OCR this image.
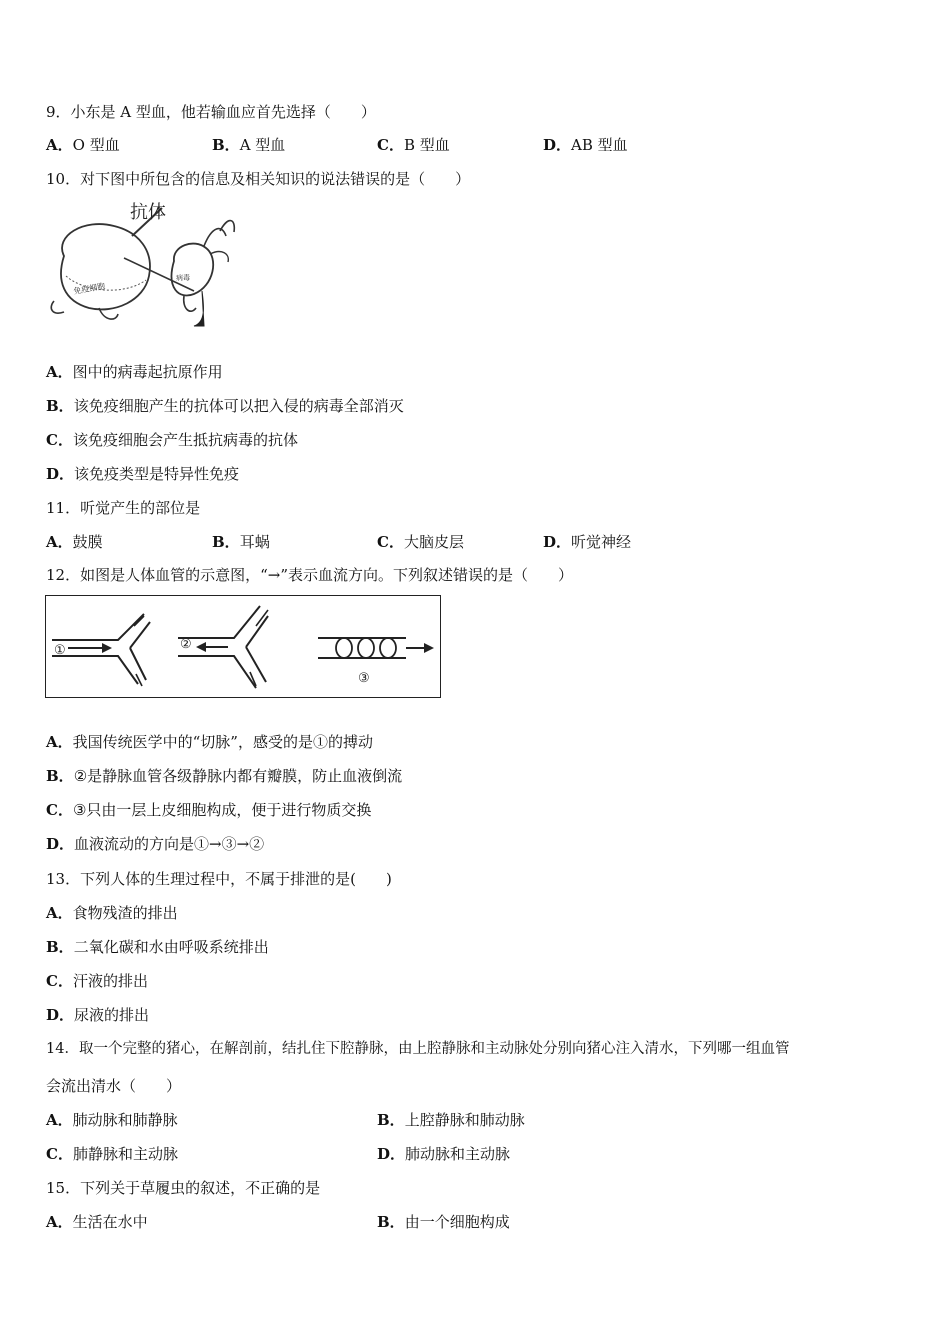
9．小东是 A 型血，他若输血应首先选择（　　）
A．O 型血	B．A 型血	C．B 型血	D．AB 型血
10．对下图中所包含的信息及相关知识的说法错误的是（　　）
免疫细胞
抗体
病毒
A．图中的病毒起抗原作用
B．该免疫细胞产生的抗体可以把入侵的病毒全部消灭
C．该免疫细胞会产生抵抗病毒的抗体
D．该免疫类型是特异性免疫
11．听觉产生的部位是
A．鼓膜	B．耳蜗	C．大脑皮层	D．听觉神经
12．如图是人体血管的示意图，“→”表示血流方向。下列叙述错误的是（　　）
①	②
③
A．我国传统医学中的“切脉”，感受的是①的搏动
B．②是静脉血管各级静脉内都有瓣膜，防止血液倒流
C．③只由一层上皮细胞构成，便于进行物质交换
D．血液流动的方向是①→③→②
13．下列人体的生理过程中，不属于排泄的是(　　)
A．食物残渣的排出
B．二氧化碳和水由呼吸系统排出
C．汗液的排出
D．尿液的排出
14．取一个完整的猪心，在解剖前，结扎住下腔静脉，由上腔静脉和主动脉处分别向猪心注入清水，下列哪一组血管
会流出清水（　　）
A．肺动脉和肺静脉	B．上腔静脉和肺动脉
C．肺静脉和主动脉	D．肺动脉和主动脉
15．下列关于草履虫的叙述，不正确的是
A．生活在水中	B．由一个细胞构成
